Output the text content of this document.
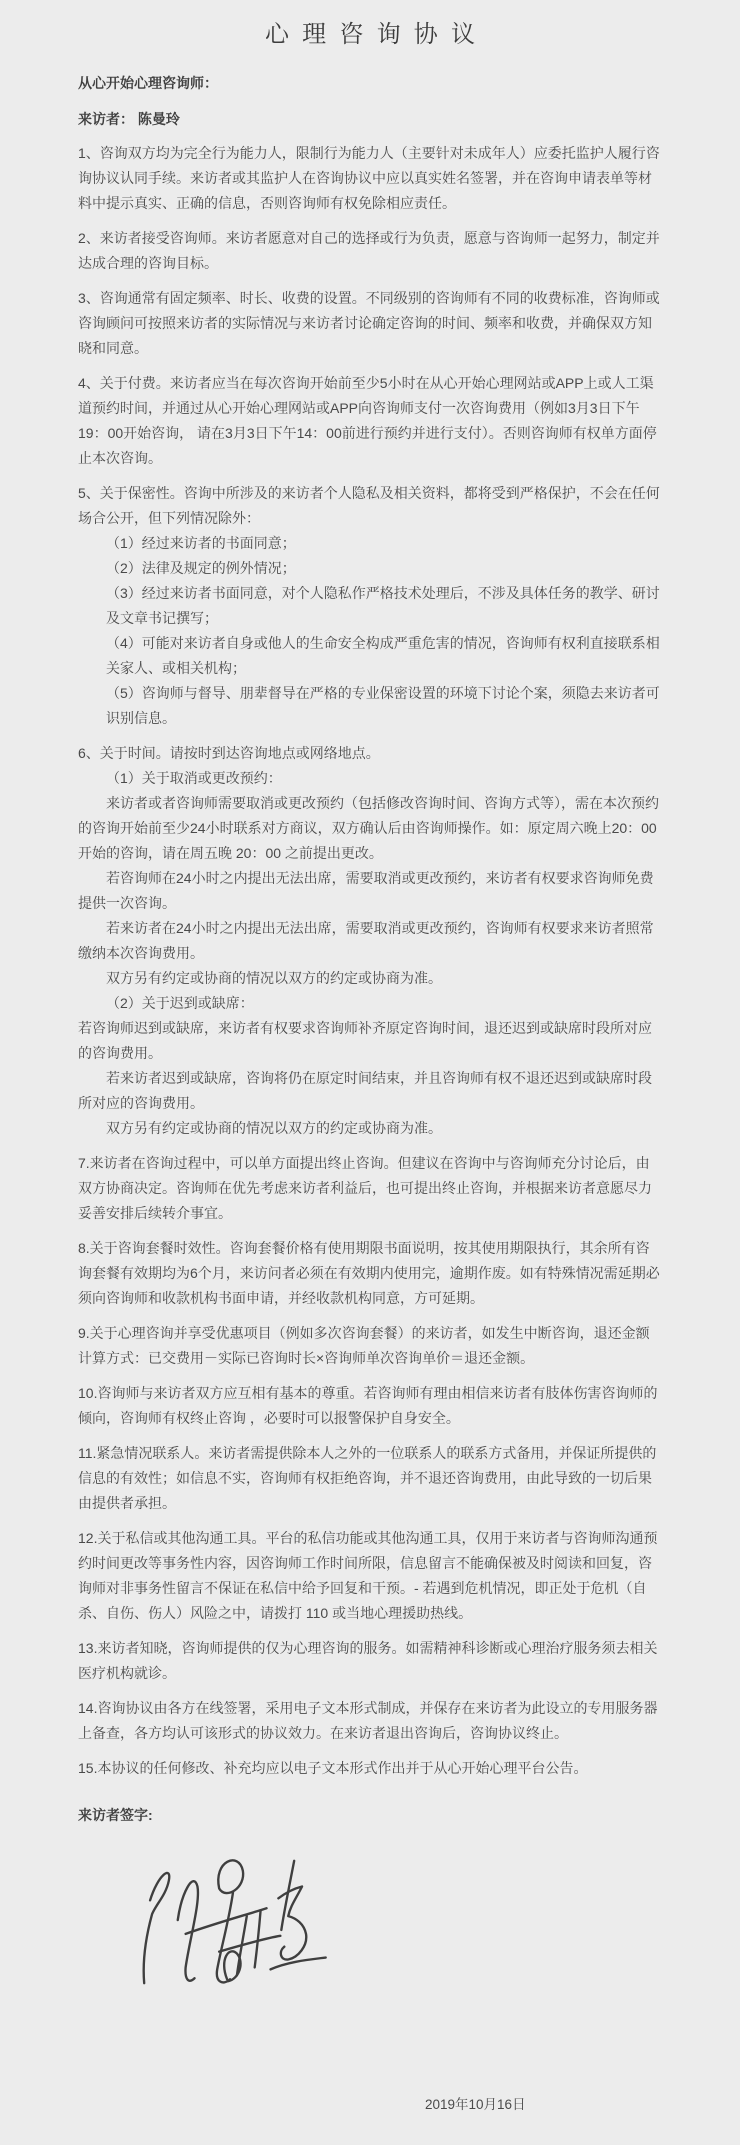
心理咨询协议
从心开始心理咨询师：
来访者： 陈曼玲

1、咨询双方均为完全行为能力人，限制行为能力人（主要针对未成年人）应委托监护人履行咨询协议认同手续。来访者或其监护人在咨询协议中应以真实姓名签署，并在咨询申请表单等材料中提示真实、正确的信息，否则咨询师有权免除相应责任。

2、来访者接受咨询师。来访者愿意对自己的选择或行为负责，愿意与咨询师一起努力，制定并达成合理的咨询目标。

3、咨询通常有固定频率、时长、收费的设置。不同级别的咨询师有不同的收费标准，咨询师或咨询顾问可按照来访者的实际情况与来访者讨论确定咨询的时间、频率和收费，并确保双方知晓和同意。

4、关于付费。来访者应当在每次咨询开始前至少5小时在从心开始心理网站或APP上或人工渠道预约时间，并通过从心开始心理网站或APP向咨询师支付一次咨询费用（例如3月3日下午19：00开始咨询， 请在3月3日下午14：00前进行预约并进行支付）。否则咨询师有权单方面停止本次咨询。

5、关于保密性。咨询中所涉及的来访者个人隐私及相关资料，都将受到严格保护，不会在任何场合公开，但下列情况除外：
（1）经过来访者的书面同意；
（2）法律及规定的例外情况；
（3）经过来访者书面同意，对个人隐私作严格技术处理后，不涉及具体任务的教学、研讨及文章书记撰写；
（4）可能对来访者自身或他人的生命安全构成严重危害的情况，咨询师有权利直接联系相关家人、或相关机构；
（5）咨询师与督导、朋辈督导在严格的专业保密设置的环境下讨论个案，须隐去来访者可识别信息。
6、关于时间。请按时到达咨询地点或网络地点。
（1）关于取消或更改预约：
来访者或者咨询师需要取消或更改预约（包括修改咨询时间、咨询方式等），需在本次预约的咨询开始前至少24小时联系对方商议，双方确认后由咨询师操作。如：原定周六晚上20：00 开始的咨询，请在周五晚 20：00 之前提出更改。
若咨询师在24小时之内提出无法出席，需要取消或更改预约，来访者有权要求咨询师免费提供一次咨询。
若来访者在24小时之内提出无法出席，需要取消或更改预约，咨询师有权要求来访者照常缴纳本次咨询费用。
双方另有约定或协商的情况以双方的约定或协商为准。
（2）关于迟到或缺席：
若咨询师迟到或缺席，来访者有权要求咨询师补齐原定咨询时间，退还迟到或缺席时段所对应的咨询费用。
若来访者迟到或缺席，咨询将仍在原定时间结束，并且咨询师有权不退还迟到或缺席时段所对应的咨询费用。
双方另有约定或协商的情况以双方的约定或协商为准。

7.来访者在咨询过程中，可以单方面提出终止咨询。但建议在咨询中与咨询师充分讨论后，由双方协商决定。咨询师在优先考虑来访者利益后，也可提出终止咨询，并根据来访者意愿尽力妥善安排后续转介事宜。

8.关于咨询套餐时效性。咨询套餐价格有使用期限书面说明，按其使用期限执行，其余所有咨询套餐有效期均为6个月，来访问者必须在有效期内使用完，逾期作废。如有特殊情况需延期必须向咨询师和收款机构书面申请，并经收款机构同意，方可延期。

9.关于心理咨询并享受优惠项目（例如多次咨询套餐）的来访者，如发生中断咨询，退还金额计算方式：已交费用－实际已咨询时长×咨询师单次咨询单价＝退还金额。

10.咨询师与来访者双方应互相有基本的尊重。若咨询师有理由相信来访者有肢体伤害咨询师的倾向，咨询师有权终止咨询 ，必要时可以报警保护自身安全。

11.紧急情况联系人。来访者需提供除本人之外的一位联系人的联系方式备用，并保证所提供的信息的有效性；如信息不实，咨询师有权拒绝咨询，并不退还咨询费用，由此导致的一切后果由提供者承担。

12.关于私信或其他沟通工具。平台的私信功能或其他沟通工具，仅用于来访者与咨询师沟通预约时间更改等事务性内容，因咨询师工作时间所限，信息留言不能确保被及时阅读和回复，咨询师对非事务性留言不保证在私信中给予回复和干预。- 若遇到危机情况，即正处于危机（自杀、自伤、伤人）风险之中，请拨打 110 或当地心理援助热线。

13.来访者知晓，咨询师提供的仅为心理咨询的服务。如需精神科诊断或心理治疗服务须去相关医疗机构就诊。

14.咨询协议由各方在线签署，采用电子文本形式制成，并保存在来访者为此设立的专用服务器上备查，各方均认可该形式的协议效力。在来访者退出咨询后，咨询协议终止。

15.本协议的任何修改、补充均应以电子文本形式作出并于从心开始心理平台公告。

来访者签字:
2019年10月16日
